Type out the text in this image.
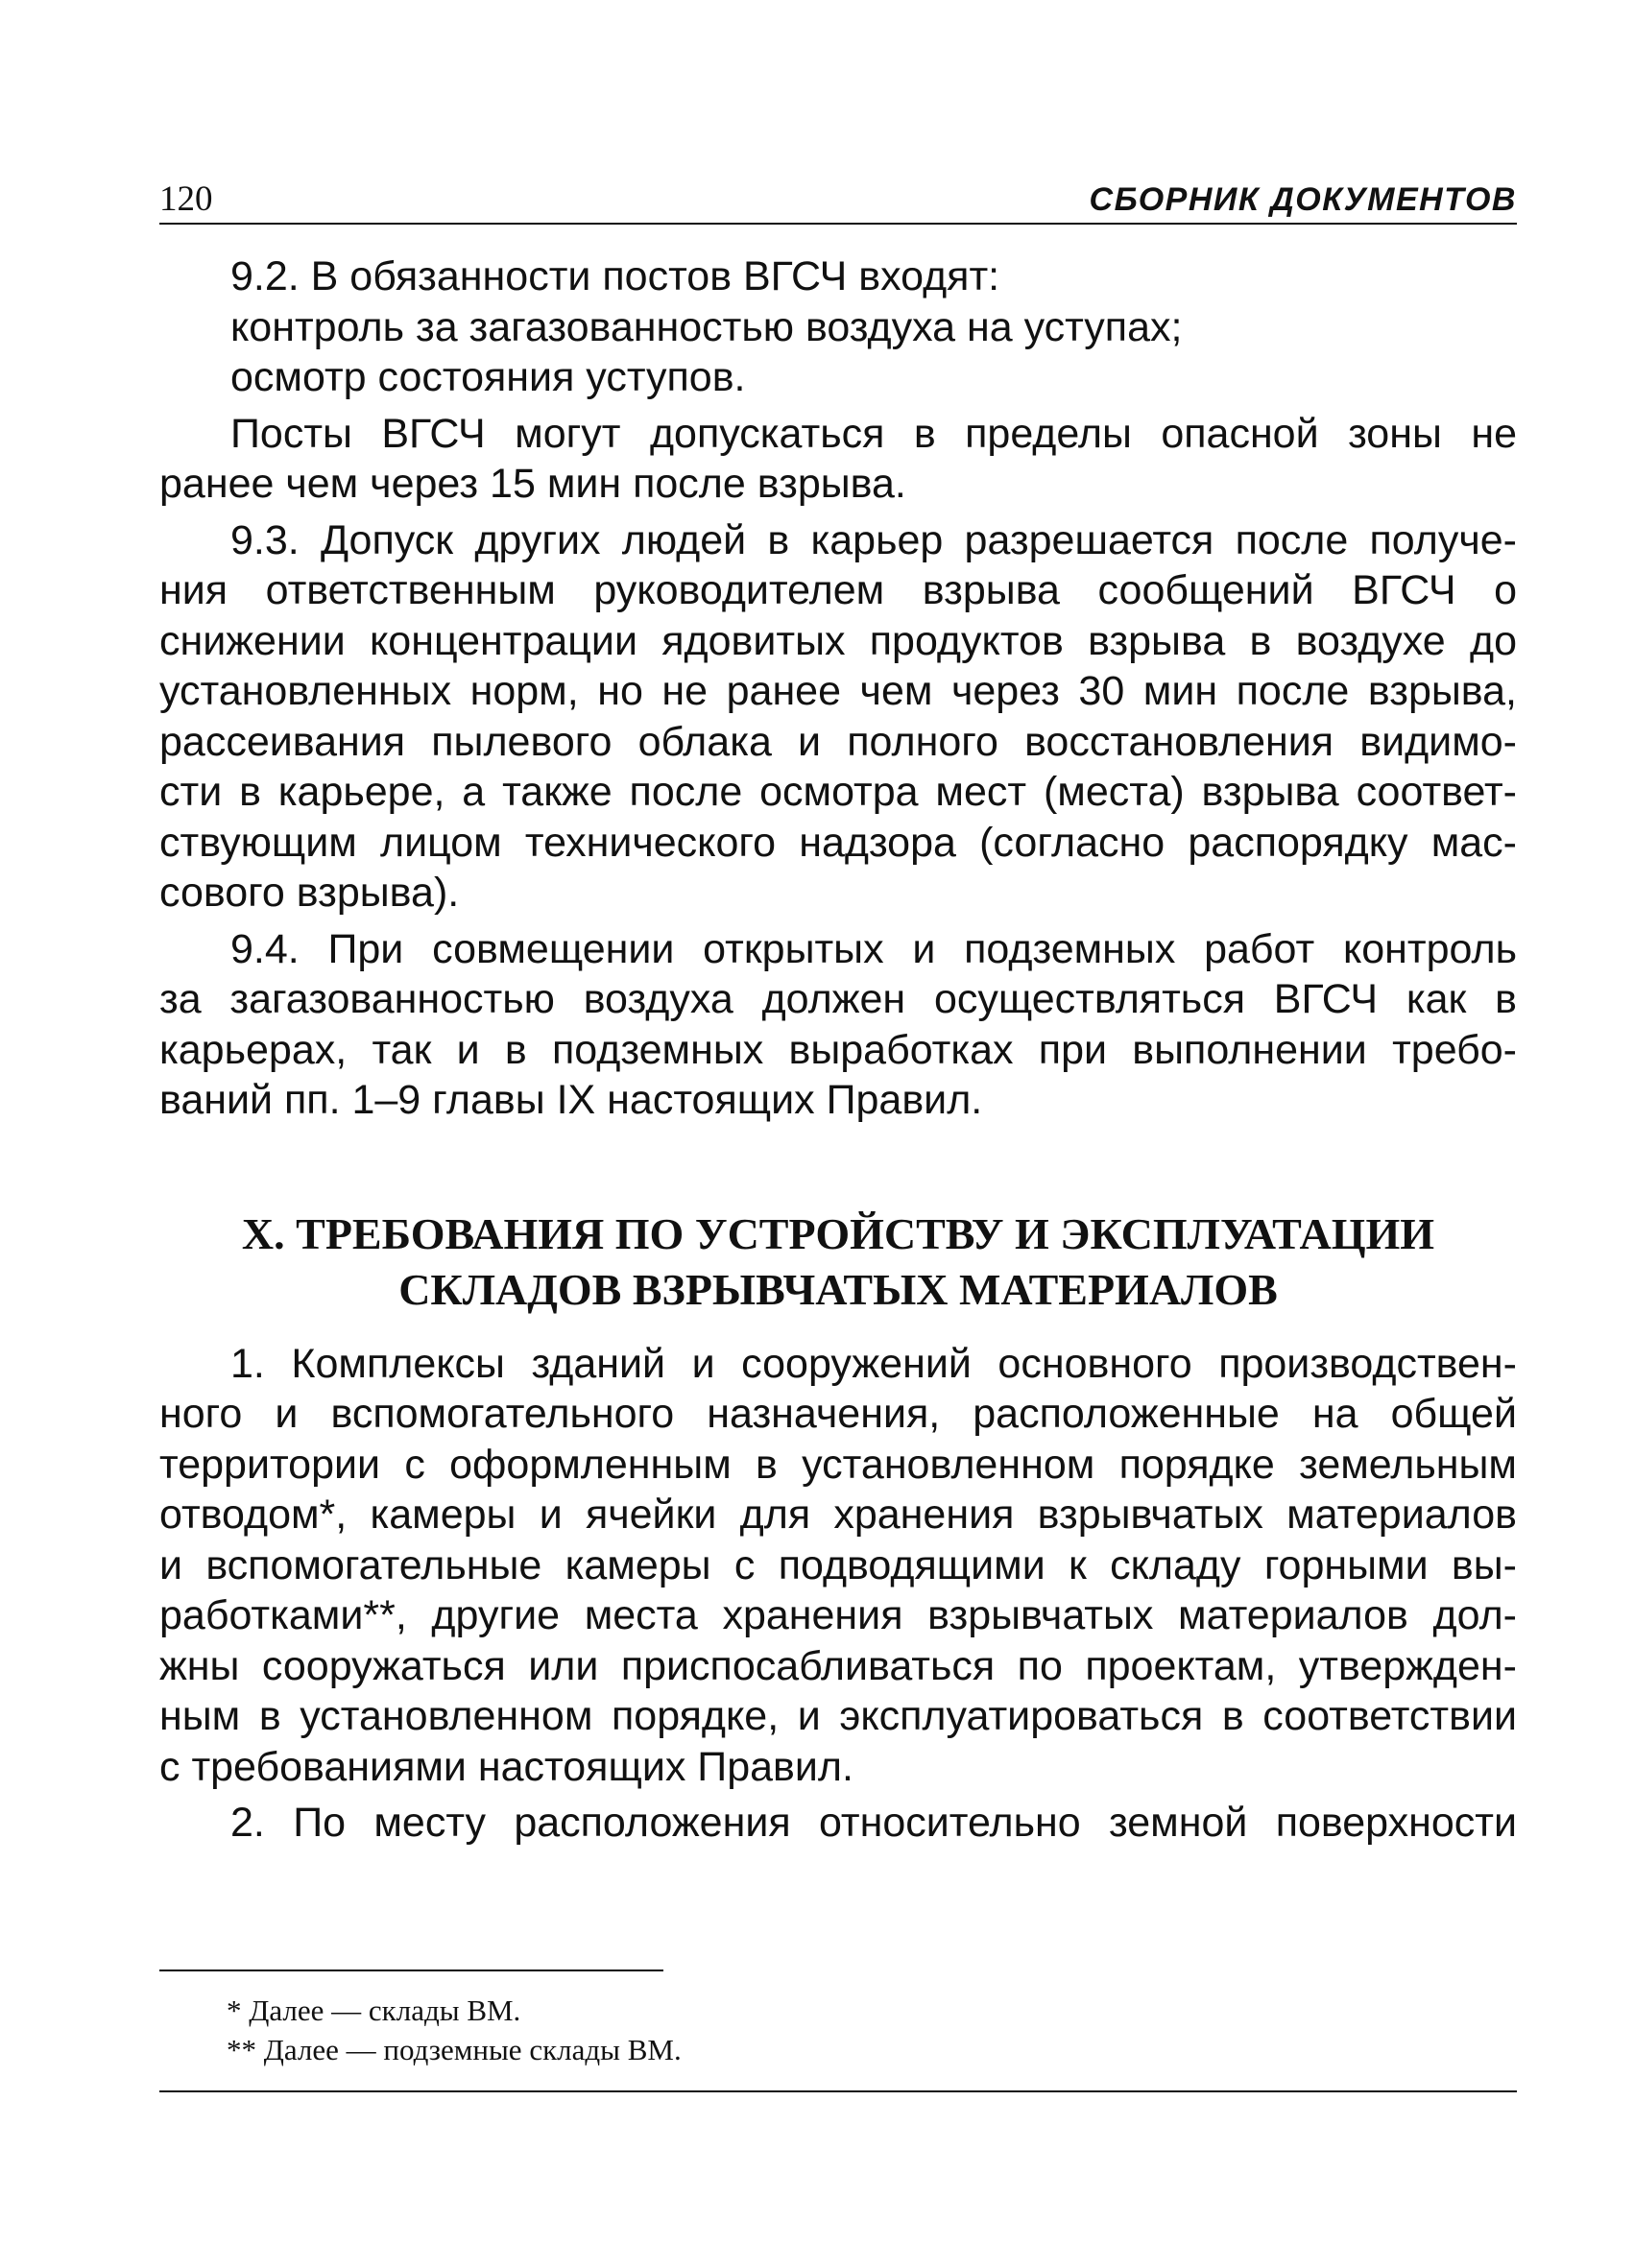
120	СБОРНИК ДОКУМЕНТОВ
9.2. В обязанности постов ВГСЧ входят:
контроль за загазованностью воздуха на уступах;
осмотр состояния уступов.
Посты ВГСЧ могут допускаться в пределы опасной зоны не
ранее чем через 15 мин после взрыва.
9.3. Допуск других людей в карьер разрешается после получе-
ния ответственным руководителем взрыва сообщений ВГСЧ о
снижении концентрации ядовитых продуктов взрыва в воздухе до
установленных норм, но не ранее чем через 30 мин после взрыва,
рассеивания пылевого облака и полного восстановления видимо-
сти в карьере, а также после осмотра мест (места) взрыва соответ-
ствующим лицом технического надзора (согласно распорядку мас-
сового взрыва).
9.4. При совмещении открытых и подземных работ контроль
за загазованностью воздуха должен осуществляться ВГСЧ как в
карьерах, так и в подземных выработках при выполнении требо-
ваний пп. 1–9 главы IX настоящих Правил.
X. ТРЕБОВАНИЯ ПО УСТРОЙСТВУ И ЭКСПЛУАТАЦИИ
СКЛАДОВ ВЗРЫВЧАТЫХ МАТЕРИАЛОВ
1. Комплексы зданий и сооружений основного производствен-
ного и вспомогательного назначения, расположенные на общей
территории с оформленным в установленном порядке земельным
отводом*, камеры и ячейки для хранения взрывчатых материалов
и вспомогательные камеры с подводящими к складу горными вы-
работками**, другие места хранения взрывчатых материалов дол-
жны сооружаться или приспосабливаться по проектам, утвержден-
ным в установленном порядке, и эксплуатироваться в соответствии
с требованиями настоящих Правил.
2. По месту расположения относительно земной поверхности
* Далее — склады ВМ.
** Далее — подземные склады ВМ.
